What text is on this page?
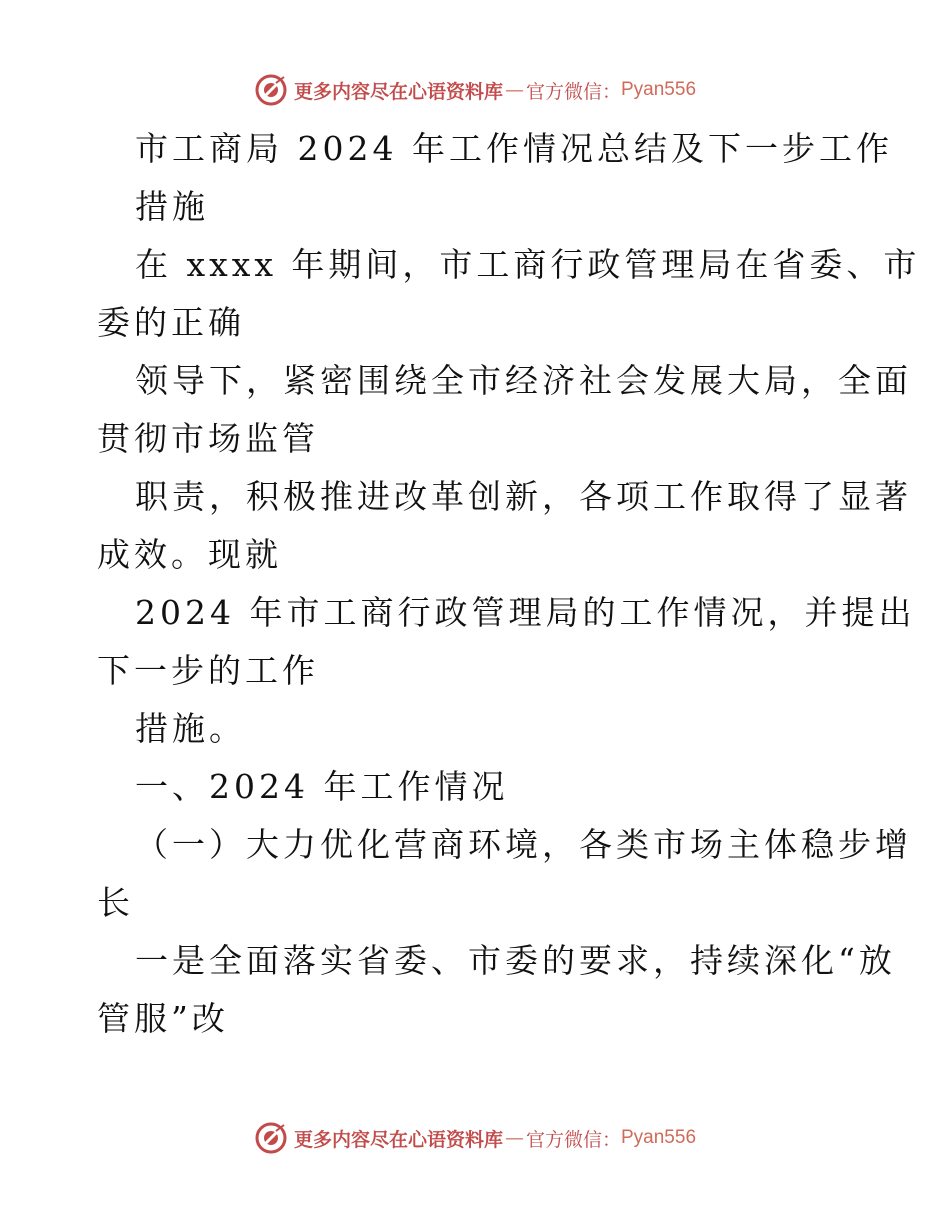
更多内容尽在心语资料库 — 官方微信： Pyan556
市工商局 2024 年工作情况总结及下一步工作
措施
在 xxxx 年期间，市工商行政管理局在省委、市
委的正确
领导下，紧密围绕全市经济社会发展大局，全面
贯彻市场监管
职责，积极推进改革创新，各项工作取得了显著
成效。现就
2024 年市工商行政管理局的工作情况，并提出
下一步的工作
措施。
一、2024 年工作情况
（一）大力优化营商环境，各类市场主体稳步增
长
一是全面落实省委、市委的要求，持续深化“放
管服”改
更多内容尽在心语资料库 — 官方微信： Pyan556
